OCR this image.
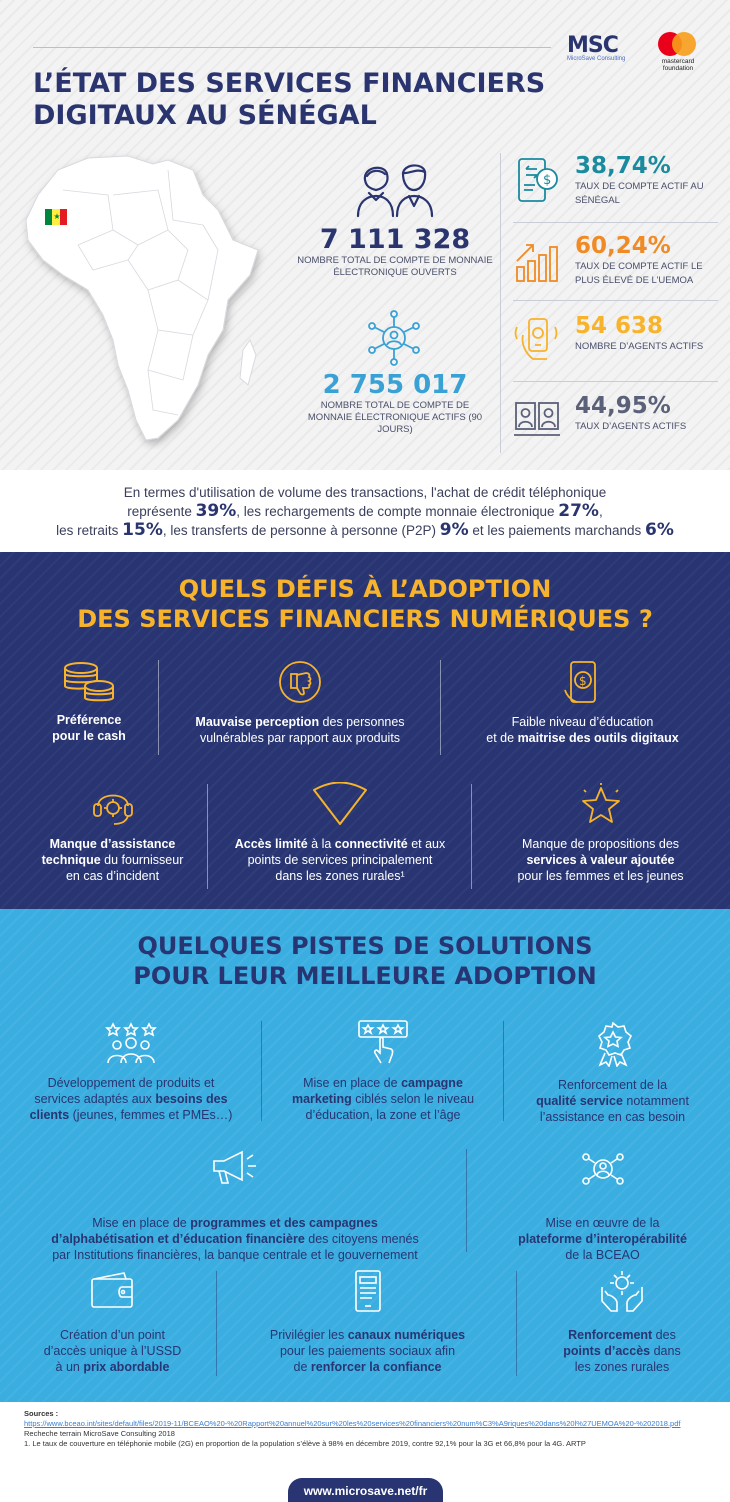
L’ÉTAT DES SERVICES FINANCIERS
DIGITAUX AU SÉNÉGAL
MSC
MicroSave Consulting	mastercard foundation
★
7 111 328
NOMBRE TOTAL DE COMPTE DE MONNAIE ÉLECTRONIQUE OUVERTS
2 755 017
NOMBRE TOTAL DE COMPTE DE MONNAIE ÉLECTRONIQUE ACTIFS (90 JOURS)
$
38,74%
TAUX DE COMPTE ACTIF AU SÉNÉGAL
60,24%
TAUX DE COMPTE ACTIF LE PLUS ÉLEVÉ DE L’UEMOA
54 638
NOMBRE D’AGENTS ACTIFS
44,95%
TAUX D’AGENTS ACTIFS
En termes d'utilisation de volume des transactions, l'achat de crédit téléphonique
représente 39%, les rechargements de compte monnaie électronique 27%,
les retraits 15%, les transferts de personne à personne (P2P) 9% et les paiements marchands 6%
QUELS DÉFIS À L’ADOPTION
DES SERVICES FINANCIERS NUMÉRIQUES ?
Préférence
pour le cash
Mauvaise perception des personnes
vulnérables par rapport aux produits
$
Faible niveau d’éducation
et de maitrise des outils digitaux
Manque d’assistance
technique du fournisseur
en cas d’incident
Accès limité à la connectivité et aux
points de services principalement
dans les zones rurales¹
Manque de propositions des
services à valeur ajoutée
pour les femmes et les jeunes
QUELQUES PISTES DE SOLUTIONS
POUR LEUR MEILLEURE ADOPTION
Développement de produits et
services adaptés aux besoins des
clients (jeunes, femmes et PMEs…)
Mise en place de campagne
marketing ciblés selon le niveau
d’éducation, la zone et l’âge
Renforcement de la
qualité service notamment
l’assistance en cas besoin
Mise en place de programmes et des campagnes
d’alphabétisation et d’éducation financière des citoyens menés
par Institutions financières, la banque centrale et le gouvernement
Mise en œuvre de la
plateforme d’interopérabilité
de la BCEAO
Création d’un point
d’accès unique à l’USSD
à un prix abordable
Privilégier les canaux numériques
pour les paiements sociaux afin
de renforcer la confiance
Renforcement des
points d’accès dans
les zones rurales
Sources :
https://www.bceao.int/sites/default/files/2019-11/BCEAO%20-%20Rapport%20annuel%20sur%20les%20services%20financiers%20num%C3%A9riques%20dans%20l%27UEMOA%20-%202018.pdf
Recheche terrain MicroSave Consulting 2018
1. Le taux de couverture en téléphonie mobile (2G) en proportion de la population s’élève à 98% en décembre 2019, contre 92,1% pour la 3G et 66,8% pour la 4G. ARTP
www.microsave.net/fr
